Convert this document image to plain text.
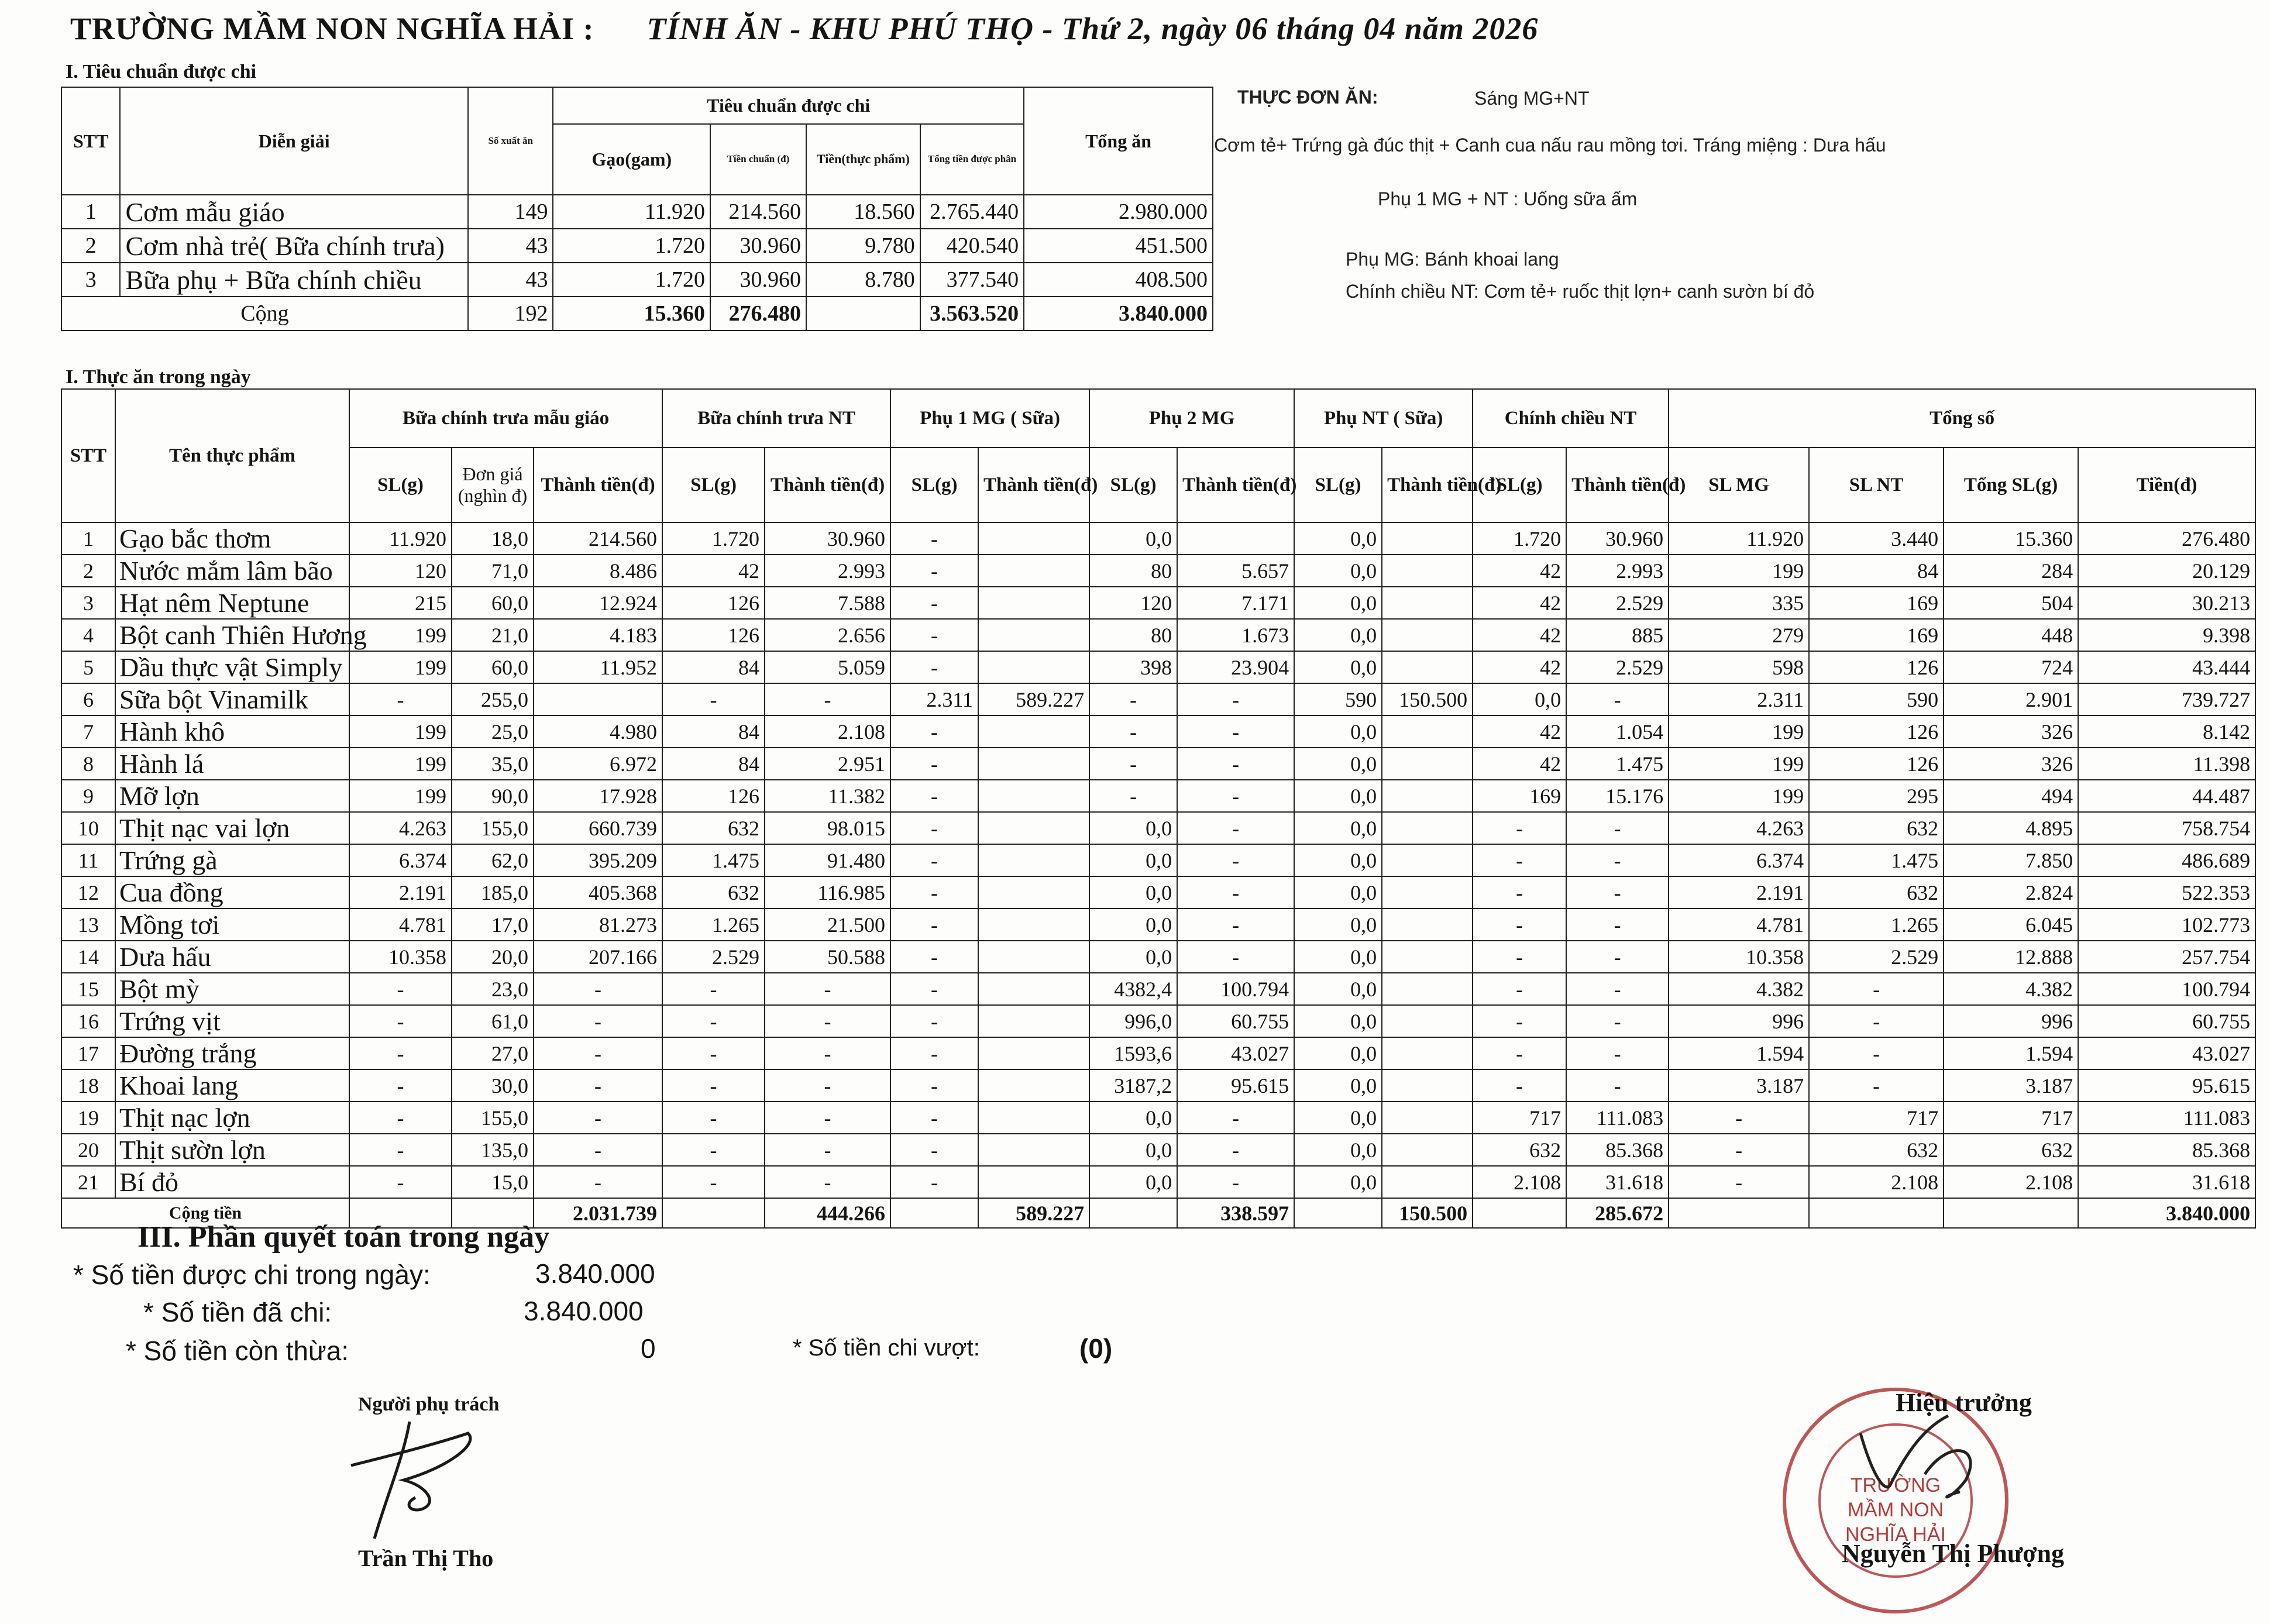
TRƯỜNG MẦM NON NGHĨA HẢI : TÍNH ĂN - KHU PHÚ THỌ - Thứ 2, ngày 06 tháng 04 năm 2026
I. Tiêu chuẩn được chi
STT	Diễn giải	Số xuất ăn	Tiêu chuẩn được chi				Tổng ăn
			Gạo(gam)	Tiền chuẩn (đ)	Tiền(thực phẩm)	Tổng tiền được phân	
1	Cơm mẫu giáo	149	11.920	214.560	18.560	2.765.440	2.980.000
2	Cơm nhà trẻ( Bữa chính trưa)	43	1.720	30.960	9.780	420.540	451.500
3	Bữa phụ + Bữa chính chiều	43	1.720	30.960	8.780	377.540	408.500
Cộng		192	15.360	276.480		3.563.520	3.840.000
THỰC ĐƠN ĂN:	Sáng MG+NT
Cơm tẻ+ Trứng gà đúc thịt + Canh cua nấu rau mồng tơi. Tráng miệng : Dưa hấu
Phụ 1 MG + NT : Uống sữa ấm
Phụ MG: Bánh khoai lang
Chính chiều NT: Cơm tẻ+ ruốc thịt lợn+ canh sườn bí đỏ
I. Thực ăn trong ngày
STT	Tên thực phẩm	Bữa chính trưa mẫu giáo			Bữa chính trưa NT		Phụ 1 MG ( Sữa)		Phụ 2 MG		Phụ NT ( Sữa)		Chính chiều NT		Tổng số			
		SL(g)	Đơn giá (nghìn đ)	Thành tiền(đ)	SL(g)	Thành tiền(đ)	SL(g)	Thành tiền(đ)	SL(g)	Thành tiền(đ)	SL(g)	Thành tiền(đ)	SL(g)	Thành tiền(đ)	SL MG	SL NT	Tổng SL(g)	Tiền(đ)
1	Gạo bắc thơm	11.920	18,0	214.560	1.720	30.960	-		0,0		0,0		1.720	30.960	11.920	3.440	15.360	276.480
2	Nước mắm lâm bão	120	71,0	8.486	42	2.993	-		80	5.657	0,0		42	2.993	199	84	284	20.129
3	Hạt nêm Neptune	215	60,0	12.924	126	7.588	-		120	7.171	0,0		42	2.529	335	169	504	30.213
4	Bột canh Thiên Hương	199	21,0	4.183	126	2.656	-		80	1.673	0,0		42	885	279	169	448	9.398
5	Dầu thực vật Simply	199	60,0	11.952	84	5.059	-		398	23.904	0,0		42	2.529	598	126	724	43.444
6	Sữa bột Vinamilk	-	255,0		-	-	2.311	589.227	-	-	590	150.500	0,0	-	2.311	590	2.901	739.727
7	Hành khô	199	25,0	4.980	84	2.108	-		-	-	0,0		42	1.054	199	126	326	8.142
8	Hành lá	199	35,0	6.972	84	2.951	-		-	-	0,0		42	1.475	199	126	326	11.398
9	Mỡ lợn	199	90,0	17.928	126	11.382	-		-	-	0,0		169	15.176	199	295	494	44.487
10	Thịt nạc vai lợn	4.263	155,0	660.739	632	98.015	-		0,0	-	0,0		-	-	4.263	632	4.895	758.754
11	Trứng gà	6.374	62,0	395.209	1.475	91.480	-		0,0	-	0,0		-	-	6.374	1.475	7.850	486.689
12	Cua đồng	2.191	185,0	405.368	632	116.985	-		0,0	-	0,0		-	-	2.191	632	2.824	522.353
13	Mồng tơi	4.781	17,0	81.273	1.265	21.500	-		0,0	-	0,0		-	-	4.781	1.265	6.045	102.773
14	Dưa hấu	10.358	20,0	207.166	2.529	50.588	-		0,0	-	0,0		-	-	10.358	2.529	12.888	257.754
15	Bột mỳ	-	23,0	-	-	-	-		4382,4	100.794	0,0		-	-	4.382	-	4.382	100.794
16	Trứng vịt	-	61,0	-	-	-	-		996,0	60.755	0,0		-	-	996	-	996	60.755
17	Đường trắng	-	27,0	-	-	-	-		1593,6	43.027	0,0		-	-	1.594	-	1.594	43.027
18	Khoai lang	-	30,0	-	-	-	-		3187,2	95.615	0,0		-	-	3.187	-	3.187	95.615
19	Thịt nạc lợn	-	155,0	-	-	-	-		0,0	-	0,0		717	111.083	-	717	717	111.083
20	Thịt sườn lợn	-	135,0	-	-	-	-		0,0	-	0,0		632	85.368	-	632	632	85.368
21	Bí đỏ	-	15,0	-	-	-	-		0,0	-	0,0		2.108	31.618	-	2.108	2.108	31.618
Cộng tiền				2.031.739		444.266		589.227		338.597		150.500		285.672				3.840.000
III. Phần quyết toán trong ngày
* Số tiền được chi trong ngày:	3.840.000
* Số tiền đã chi:	3.840.000
* Số tiền còn thừa:	0	* Số tiền chi vượt:	(0)
Người phụ trách
Trần Thị Tho
TRƯỜNG
MẦM NON
NGHĨA HẢI
Hiệu trưởng
Nguyễn Thị Phượng
